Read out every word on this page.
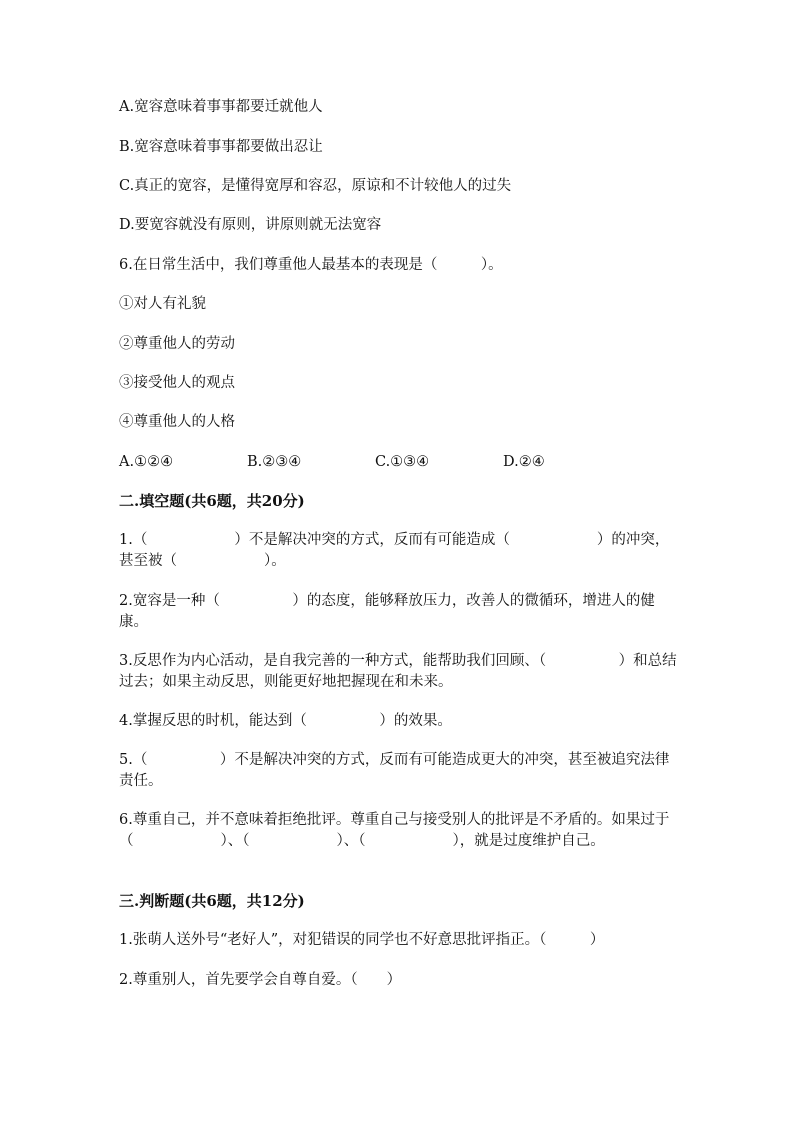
A.宽容意味着事事都要迁就他人
B.宽容意味着事事都要做出忍让
C.真正的宽容，是懂得宽厚和容忍，原谅和不计较他人的过失
D.要宽容就没有原则，讲原则就无法宽容
6.在日常生活中，我们尊重他人最基本的表现是（　　　）。
①对人有礼貌
②尊重他人的劳动
③接受他人的观点
④尊重他人的人格
A.①②④	B.②③④	C.①③④	D.②④
二.填空题(共6题，共20分)
1.（　　　　　　）不是解决冲突的方式，反而有可能造成（　　　　　　）的冲突，甚至被（　　　　　　）。
2.宽容是一种（　　　　　）的态度，能够释放压力，改善人的微循环，增进人的健康。
3.反思作为内心活动，是自我完善的一种方式，能帮助我们回顾、（　　　　　）和总结过去；如果主动反思，则能更好地把握现在和未来。
4.掌握反思的时机，能达到（　　　　　）的效果。
5.（　　　　　）不是解决冲突的方式，反而有可能造成更大的冲突，甚至被追究法律责任。
6.尊重自己，并不意味着拒绝批评。尊重自己与接受别人的批评是不矛盾的。如果过于（　　　　　　）、（　　　　　　）、（　　　　　　），就是过度维护自己。
三.判断题(共6题，共12分)
1.张萌人送外号“老好人”，对犯错误的同学也不好意思批评指正。（　　　）
2.尊重别人，首先要学会自尊自爱。（　　）
